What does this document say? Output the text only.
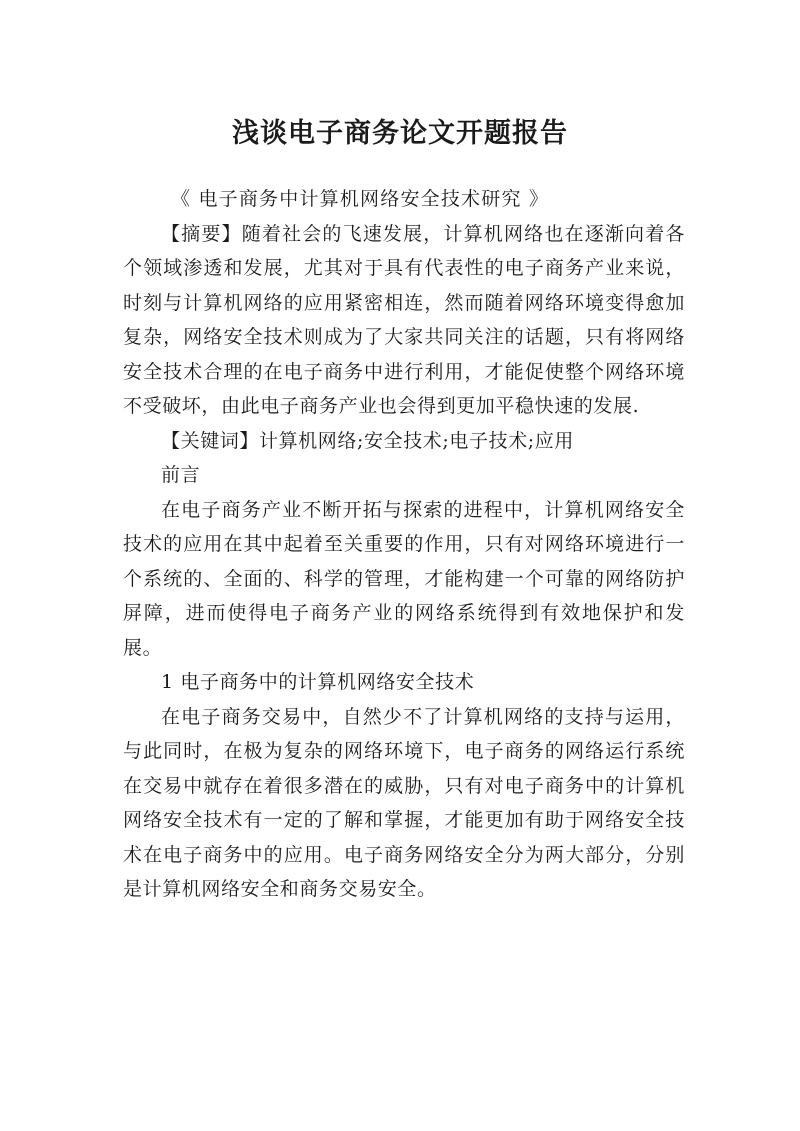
浅谈电子商务论文开题报告

《 电子商务中计算机网络安全技术研究 》

【摘要】随着社会的飞速发展，计算机网络也在逐渐向着各个领域渗透和发展，尤其对于具有代表性的电子商务产业来说，时刻与计算机网络的应用紧密相连，然而随着网络环境变得愈加复杂，网络安全技术则成为了大家共同关注的话题，只有将网络安全技术合理的在电子商务中进行利用，才能促使整个网络环境不受破坏，由此电子商务产业也会得到更加平稳快速的发展.

【关键词】计算机网络;安全技术;电子技术;应用

前言

在电子商务产业不断开拓与探索的进程中，计算机网络安全技术的应用在其中起着至关重要的作用，只有对网络环境进行一个系统的、全面的、科学的管理，才能构建一个可靠的网络防护屏障，进而使得电子商务产业的网络系统得到有效地保护和发展。

1 电子商务中的计算机网络安全技术

在电子商务交易中，自然少不了计算机网络的支持与运用，与此同时，在极为复杂的网络环境下，电子商务的网络运行系统在交易中就存在着很多潜在的威胁，只有对电子商务中的计算机网络安全技术有一定的了解和掌握，才能更加有助于网络安全技术在电子商务中的应用。电子商务网络安全分为两大部分，分别是计算机网络安全和商务交易安全。
